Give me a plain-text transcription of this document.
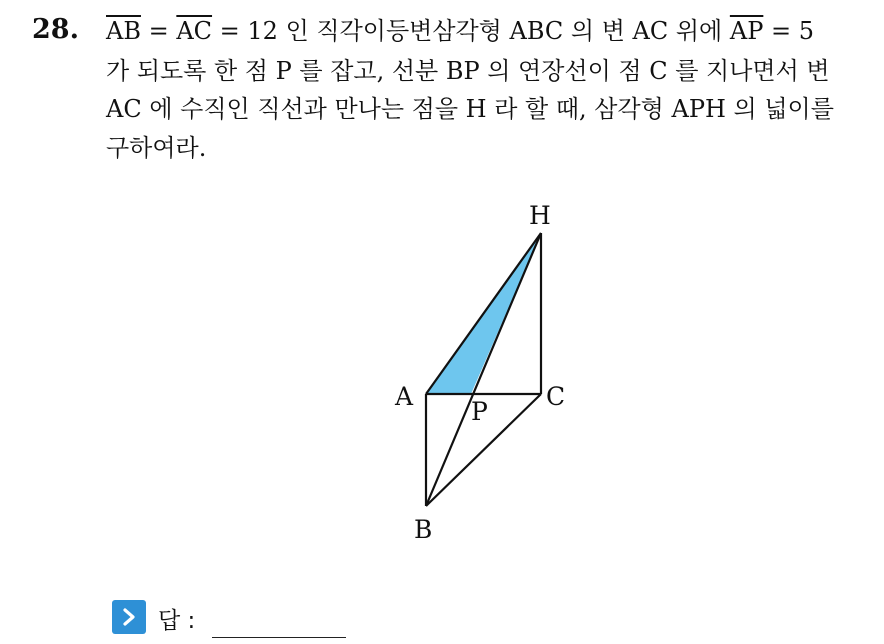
28. $\overline{AB} = \overline{AC} = 12$ 인 직각이등변삼각형 ABC 의 변 AC 위에 $\overline{AP} = 5$
가 되도록 한 점 P 를 잡고, 선분 BP 의 연장선이 점 C 를 지나면서 변
AC 에 수직인 직선과 만나는 점을 H 라 할 때, 삼각형 APH 의 넓이를
구하여라.
H
A	C
P
B
답 :
